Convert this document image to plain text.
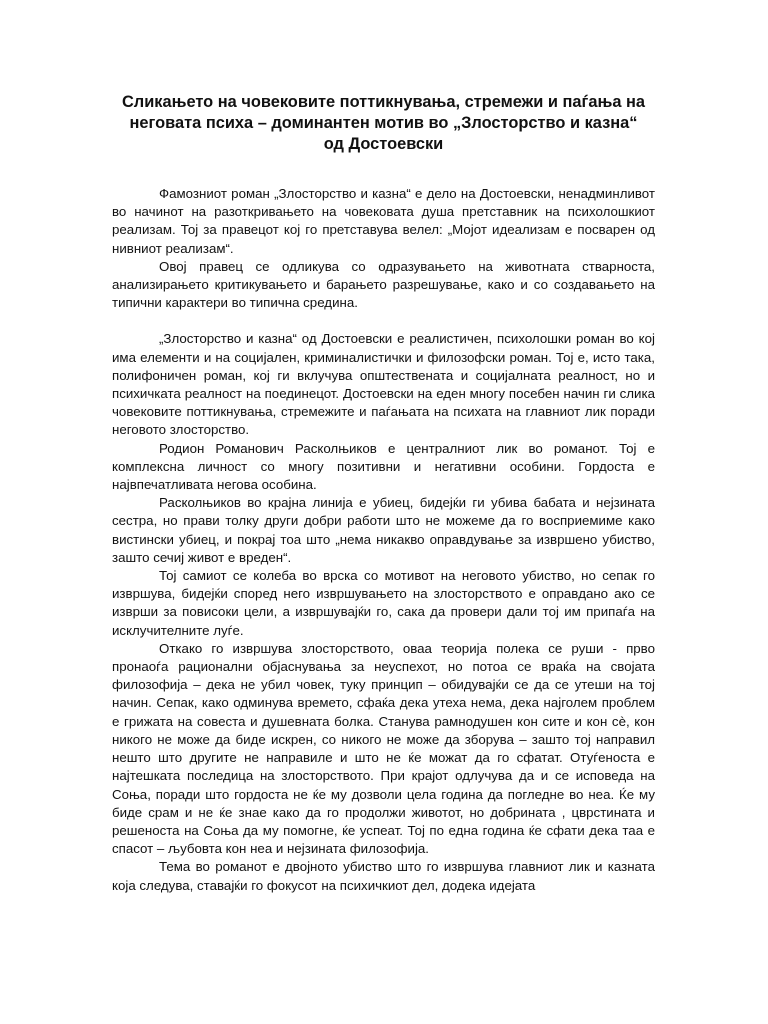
Сликањето на човековите поттикнувања, стремежи и паѓања на неговата психа – доминантен мотив во „Злосторство и казна“ од Достоевски

Фамозниот роман „Злосторство и казна“ е дело на Достоевски, ненадминливот во начинот на разоткривањето на човековата душа претставник на психолошкиот реализам. Тој за правецот кој го претставува велел: „Мојот идеализам е посварен од нивниот реализам“.

Овој правец се одликува со одразувањето на животната стварноста, анализирањето критикувањето и барањето разрешување, како и со создавањето на типични карактери во типична средина.

„Злосторство и казна“ од Достоевски е реалистичен, психолошки роман во кој има елементи и на социјален, криминалистички и филозофски роман. Тој е, исто така, полифоничен роман, кој ги вклучува општествената и социјалната реалност, но и психичката реалност на поединецот. Достоевски на еден многу посебен начин ги слика човековите поттикнувања, стремежите и паѓањата на психата на главниот лик поради неговото злосторство.

Родион Романович Расколњиков е централниот лик во романот. Тој е комплексна личност со многу позитивни и негативни особини. Гордоста е највпечатливата негова особина.

Расколњиков во крајна линија е убиец, бидејќи ги убива бабата и нејзината сестра, но прави толку други добри работи што не можеме да го восприемиме како вистински убиец, и покрај тоа што „нема никакво оправдување за извршено убиство, зашто сечиј живот е вреден“.

Тој самиот се колеба во врска со мотивот на неговото убиство, но сепак го извршува, бидејќи според него извршувањето на злосторството е оправдано ако се изврши за повисоки цели, а извршувајќи го, сака да провери дали тој им припаѓа на исклучителните луѓе.

Откако го извршува злосторството, оваа теорија полека се руши - прво пронаоѓа рационални објаснувања за неуспехот, но потоа се враќа на својата филозофија – дека не убил човек, туку принцип – обидувајќи се да се утеши на тој начин. Сепак, како одминува времето, сфаќа дека утеха нема, дека најголем проблем е грижата на совеста и душевната болка. Станува рамнодушен кон сите и кон сè, кон никого не може да биде искрен, со никого не може да зборува – зашто тој направил нешто што другите не направиле и што не ќе можат да го сфатат. Отуѓеноста е најтешката последица на злосторството. При крајот одлучува да и се исповеда на Соња, поради што гордоста не ќе му дозволи цела година да погледне во неа. Ќе му биде срам и не ќе знае како да го продолжи животот, но добрината , цврстината и решеноста на Соња да му помогне, ќе успеат. Тој по една година ќе сфати дека таа е спасот – љубовта кон неа и нејзината филозофија.

Тема во романот е двојното убиство што го извршува главниот лик и казната која следува, ставајќи го фокусот на психичкиот дел, додека идејата
